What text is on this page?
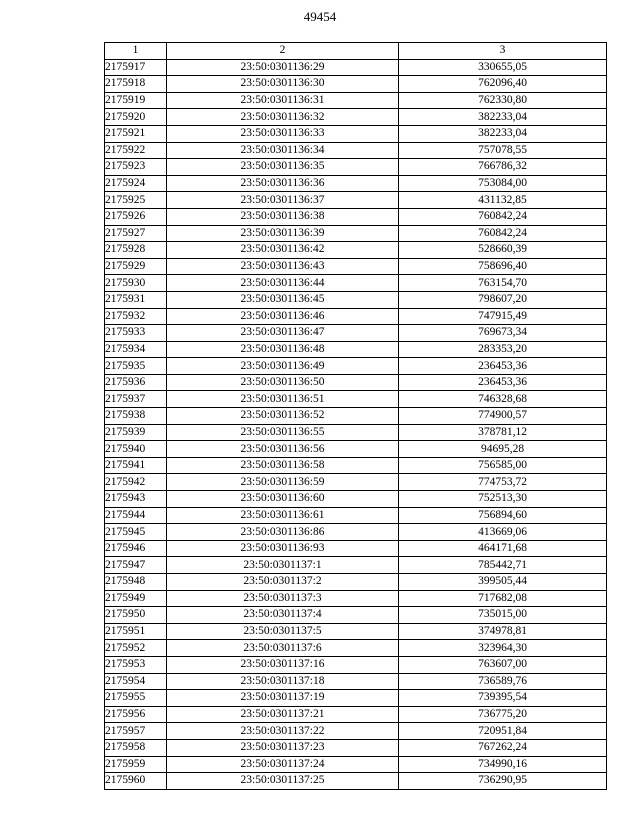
49454
1	2	3
2175917	23:50:0301136:29	330655,05
2175918	23:50:0301136:30	762096,40
2175919	23:50:0301136:31	762330,80
2175920	23:50:0301136:32	382233,04
2175921	23:50:0301136:33	382233,04
2175922	23:50:0301136:34	757078,55
2175923	23:50:0301136:35	766786,32
2175924	23:50:0301136:36	753084,00
2175925	23:50:0301136:37	431132,85
2175926	23:50:0301136:38	760842,24
2175927	23:50:0301136:39	760842,24
2175928	23:50:0301136:42	528660,39
2175929	23:50:0301136:43	758696,40
2175930	23:50:0301136:44	763154,70
2175931	23:50:0301136:45	798607,20
2175932	23:50:0301136:46	747915,49
2175933	23:50:0301136:47	769673,34
2175934	23:50:0301136:48	283353,20
2175935	23:50:0301136:49	236453,36
2175936	23:50:0301136:50	236453,36
2175937	23:50:0301136:51	746328,68
2175938	23:50:0301136:52	774900,57
2175939	23:50:0301136:55	378781,12
2175940	23:50:0301136:56	94695,28
2175941	23:50:0301136:58	756585,00
2175942	23:50:0301136:59	774753,72
2175943	23:50:0301136:60	752513,30
2175944	23:50:0301136:61	756894,60
2175945	23:50:0301136:86	413669,06
2175946	23:50:0301136:93	464171,68
2175947	23:50:0301137:1	785442,71
2175948	23:50:0301137:2	399505,44
2175949	23:50:0301137:3	717682,08
2175950	23:50:0301137:4	735015,00
2175951	23:50:0301137:5	374978,81
2175952	23:50:0301137:6	323964,30
2175953	23:50:0301137:16	763607,00
2175954	23:50:0301137:18	736589,76
2175955	23:50:0301137:19	739395,54
2175956	23:50:0301137:21	736775,20
2175957	23:50:0301137:22	720951,84
2175958	23:50:0301137:23	767262,24
2175959	23:50:0301137:24	734990,16
2175960	23:50:0301137:25	736290,95
